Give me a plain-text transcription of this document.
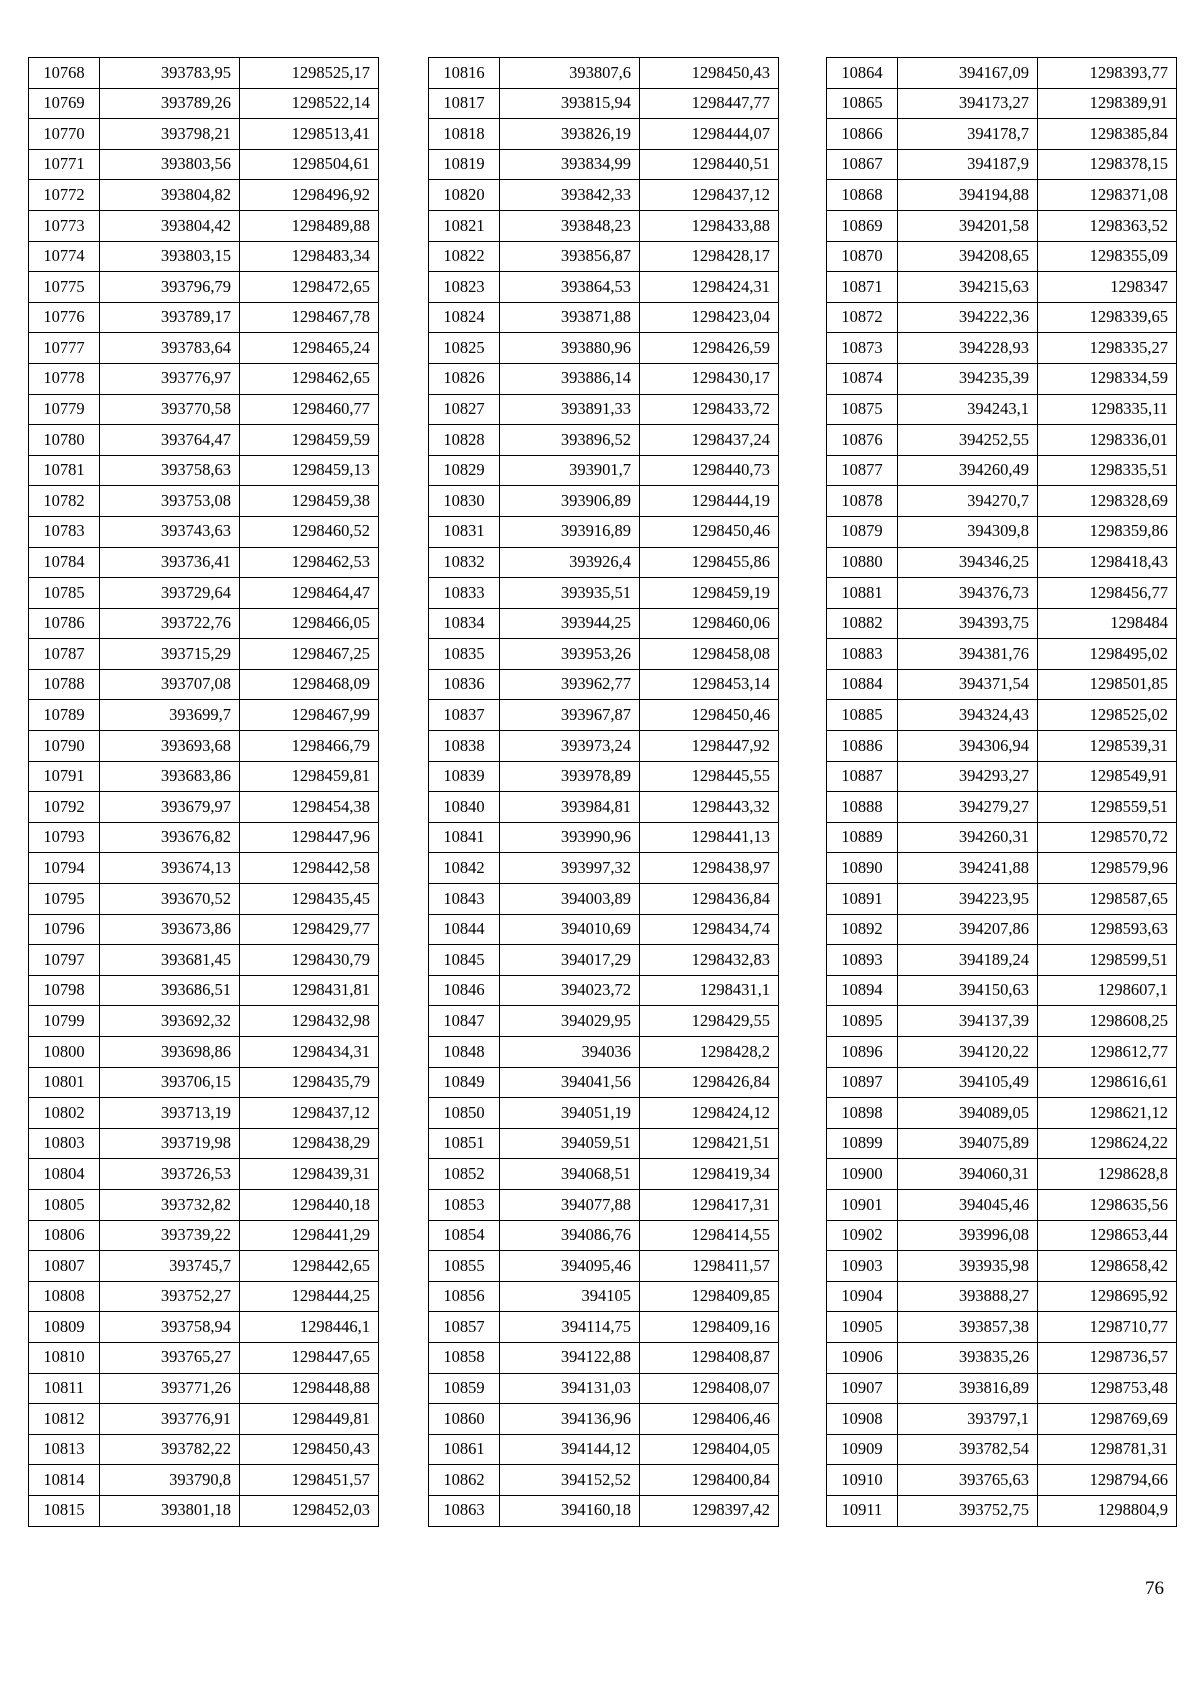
10768	393783,95	1298525,17
10769	393789,26	1298522,14
10770	393798,21	1298513,41
10771	393803,56	1298504,61
10772	393804,82	1298496,92
10773	393804,42	1298489,88
10774	393803,15	1298483,34
10775	393796,79	1298472,65
10776	393789,17	1298467,78
10777	393783,64	1298465,24
10778	393776,97	1298462,65
10779	393770,58	1298460,77
10780	393764,47	1298459,59
10781	393758,63	1298459,13
10782	393753,08	1298459,38
10783	393743,63	1298460,52
10784	393736,41	1298462,53
10785	393729,64	1298464,47
10786	393722,76	1298466,05
10787	393715,29	1298467,25
10788	393707,08	1298468,09
10789	393699,7	1298467,99
10790	393693,68	1298466,79
10791	393683,86	1298459,81
10792	393679,97	1298454,38
10793	393676,82	1298447,96
10794	393674,13	1298442,58
10795	393670,52	1298435,45
10796	393673,86	1298429,77
10797	393681,45	1298430,79
10798	393686,51	1298431,81
10799	393692,32	1298432,98
10800	393698,86	1298434,31
10801	393706,15	1298435,79
10802	393713,19	1298437,12
10803	393719,98	1298438,29
10804	393726,53	1298439,31
10805	393732,82	1298440,18
10806	393739,22	1298441,29
10807	393745,7	1298442,65
10808	393752,27	1298444,25
10809	393758,94	1298446,1
10810	393765,27	1298447,65
10811	393771,26	1298448,88
10812	393776,91	1298449,81
10813	393782,22	1298450,43
10814	393790,8	1298451,57
10815	393801,18	1298452,03
10816	393807,6	1298450,43
10817	393815,94	1298447,77
10818	393826,19	1298444,07
10819	393834,99	1298440,51
10820	393842,33	1298437,12
10821	393848,23	1298433,88
10822	393856,87	1298428,17
10823	393864,53	1298424,31
10824	393871,88	1298423,04
10825	393880,96	1298426,59
10826	393886,14	1298430,17
10827	393891,33	1298433,72
10828	393896,52	1298437,24
10829	393901,7	1298440,73
10830	393906,89	1298444,19
10831	393916,89	1298450,46
10832	393926,4	1298455,86
10833	393935,51	1298459,19
10834	393944,25	1298460,06
10835	393953,26	1298458,08
10836	393962,77	1298453,14
10837	393967,87	1298450,46
10838	393973,24	1298447,92
10839	393978,89	1298445,55
10840	393984,81	1298443,32
10841	393990,96	1298441,13
10842	393997,32	1298438,97
10843	394003,89	1298436,84
10844	394010,69	1298434,74
10845	394017,29	1298432,83
10846	394023,72	1298431,1
10847	394029,95	1298429,55
10848	394036	1298428,2
10849	394041,56	1298426,84
10850	394051,19	1298424,12
10851	394059,51	1298421,51
10852	394068,51	1298419,34
10853	394077,88	1298417,31
10854	394086,76	1298414,55
10855	394095,46	1298411,57
10856	394105	1298409,85
10857	394114,75	1298409,16
10858	394122,88	1298408,87
10859	394131,03	1298408,07
10860	394136,96	1298406,46
10861	394144,12	1298404,05
10862	394152,52	1298400,84
10863	394160,18	1298397,42
10864	394167,09	1298393,77
10865	394173,27	1298389,91
10866	394178,7	1298385,84
10867	394187,9	1298378,15
10868	394194,88	1298371,08
10869	394201,58	1298363,52
10870	394208,65	1298355,09
10871	394215,63	1298347
10872	394222,36	1298339,65
10873	394228,93	1298335,27
10874	394235,39	1298334,59
10875	394243,1	1298335,11
10876	394252,55	1298336,01
10877	394260,49	1298335,51
10878	394270,7	1298328,69
10879	394309,8	1298359,86
10880	394346,25	1298418,43
10881	394376,73	1298456,77
10882	394393,75	1298484
10883	394381,76	1298495,02
10884	394371,54	1298501,85
10885	394324,43	1298525,02
10886	394306,94	1298539,31
10887	394293,27	1298549,91
10888	394279,27	1298559,51
10889	394260,31	1298570,72
10890	394241,88	1298579,96
10891	394223,95	1298587,65
10892	394207,86	1298593,63
10893	394189,24	1298599,51
10894	394150,63	1298607,1
10895	394137,39	1298608,25
10896	394120,22	1298612,77
10897	394105,49	1298616,61
10898	394089,05	1298621,12
10899	394075,89	1298624,22
10900	394060,31	1298628,8
10901	394045,46	1298635,56
10902	393996,08	1298653,44
10903	393935,98	1298658,42
10904	393888,27	1298695,92
10905	393857,38	1298710,77
10906	393835,26	1298736,57
10907	393816,89	1298753,48
10908	393797,1	1298769,69
10909	393782,54	1298781,31
10910	393765,63	1298794,66
10911	393752,75	1298804,9
76
